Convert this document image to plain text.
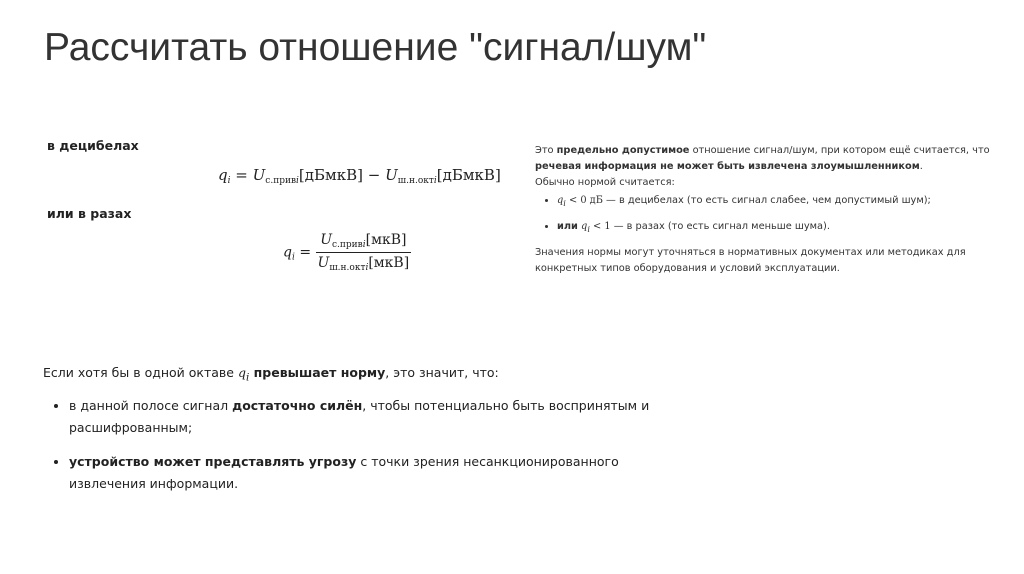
Рассчитать отношение "сигнал/шум"
в децибелах
$q_i$ = $U_{с.привi}[дБмкВ]$ − $U_{ш.н.октi}[дБмкВ]$
или в разах
$q_i = \frac{U_{с.привi}[мкВ]}{U_{ш.н.октi}[мкВ]}$

Это предельно допустимое отношение сигнал/шум, при котором ещё считается, что речевая информация не может быть извлечена злоумышленником.

Обычно нормой считается:

• $q_i < 0$ дБ — в децибелах (то есть сигнал слабее, чем допустимый шум);
• или $q_i < 1$ — в разах (то есть сигнал меньше шума).

Значения нормы могут уточняться в нормативных документах или методиках для конкретных типов оборудования и условий эксплуатации.

Если хотя бы в одной октаве $q_i$ превышает норму, это значит, что:

• в данной полосе сигнал достаточно силён, чтобы потенциально быть воспринятым и расшифрованным;
• устройство может представлять угрозу с точки зрения несанкционированного извлечения информации.
